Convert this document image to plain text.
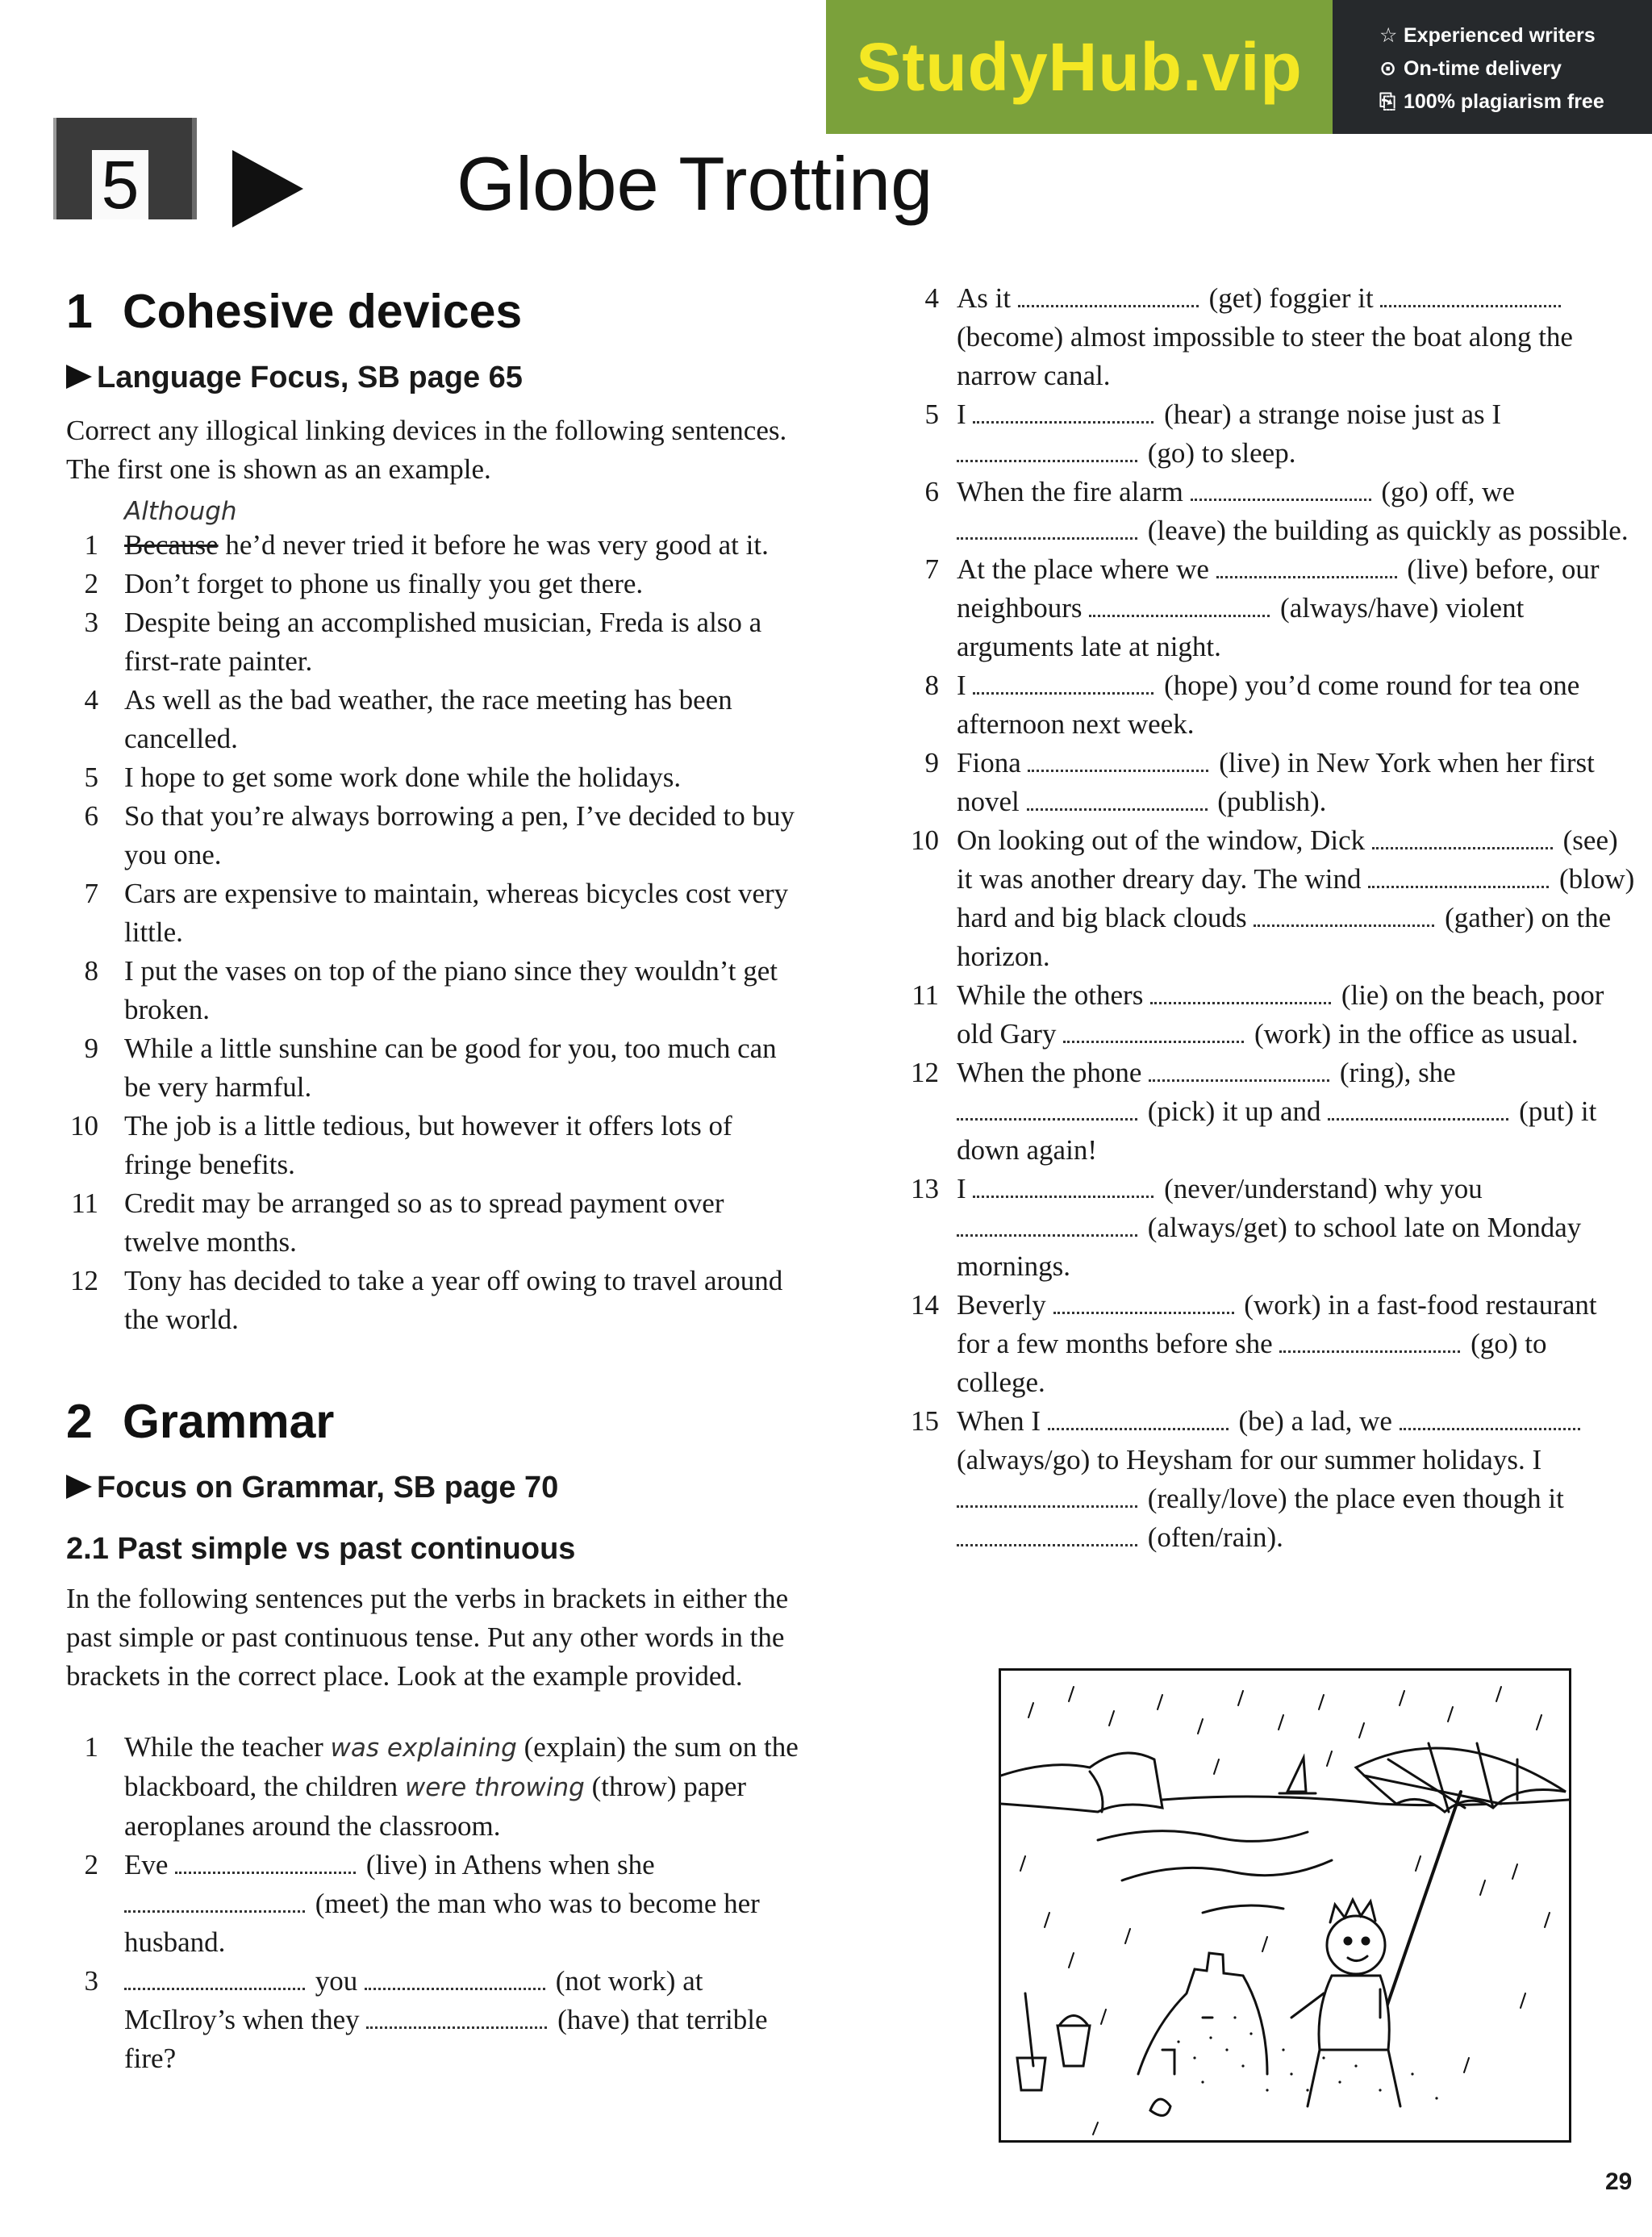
StudyHub.vip	☆ Experienced writers
⊙ On-time delivery
⎘ 100% plagiarism free
5	Globe Trotting
1 Cohesive devices
Language Focus, SB page 65

Correct any illogical linking devices in the following sentences. The first one is shown as an example.

Although
1 Because he’d never tried it before he was very good at it.
2 Don’t forget to phone us finally you get there.
3 Despite being an accomplished musician, Freda is also a first-rate painter.
4 As well as the bad weather, the race meeting has been cancelled.
5 I hope to get some work done while the holidays.
6 So that you’re always borrowing a pen, I’ve decided to buy you one.
7 Cars are expensive to maintain, whereas bicycles cost very little.
8 I put the vases on top of the piano since they wouldn’t get broken.
9 While a little sunshine can be good for you, too much can be very harmful.
10 The job is a little tedious, but however it offers lots of fringe benefits.
11 Credit may be arranged so as to spread payment over twelve months.
12 Tony has decided to take a year off owing to travel around the world.
2 Grammar
Focus on Grammar, SB page 70
2.1 Past simple vs past continuous

In the following sentences put the verbs in brackets in either the past simple or past continuous tense. Put any other words in the brackets in the correct place. Look at the example provided.

1 While the teacher was explaining (explain) the sum on the blackboard, the children were throwing (throw) paper aeroplanes around the classroom.
2 Eve	(live) in Athens when she
(meet) the man who was to become her husband.
3	you	(not work) at McIlroy’s when they	(have) that terrible fire?
4 As it	(get) foggier it  (become) almost impossible to steer the boat along the narrow canal.
5 I	(hear) a strange noise just as I  (go) to sleep.
6 When the fire alarm	(go) off, we  (leave) the building as quickly as possible.
7 At the place where we	(live) before, our neighbours	(always/have) violent arguments late at night.
8 I	(hope) you’d come round for tea one afternoon next week.
9 Fiona	(live) in New York when her first novel	(publish).
10 On looking out of the window, Dick	(see) it was another dreary day. The wind	(blow) hard and big black clouds	(gather) on the horizon.
11 While the others	(lie) on the beach, poor old Gary	(work) in the office as usual.
12 When the phone	(ring), she
(pick) it up and	(put) it down again!
13 I	(never/understand) why you  (always/get) to school late on Monday mornings.
14 Beverly	(work) in a fast-food restaurant for a few months before she	(go) to college.
15 When I	(be) a lad, we  (always/go) to Heysham for our summer holidays. I  (really/love) the place even though it  (often/rain).
29
